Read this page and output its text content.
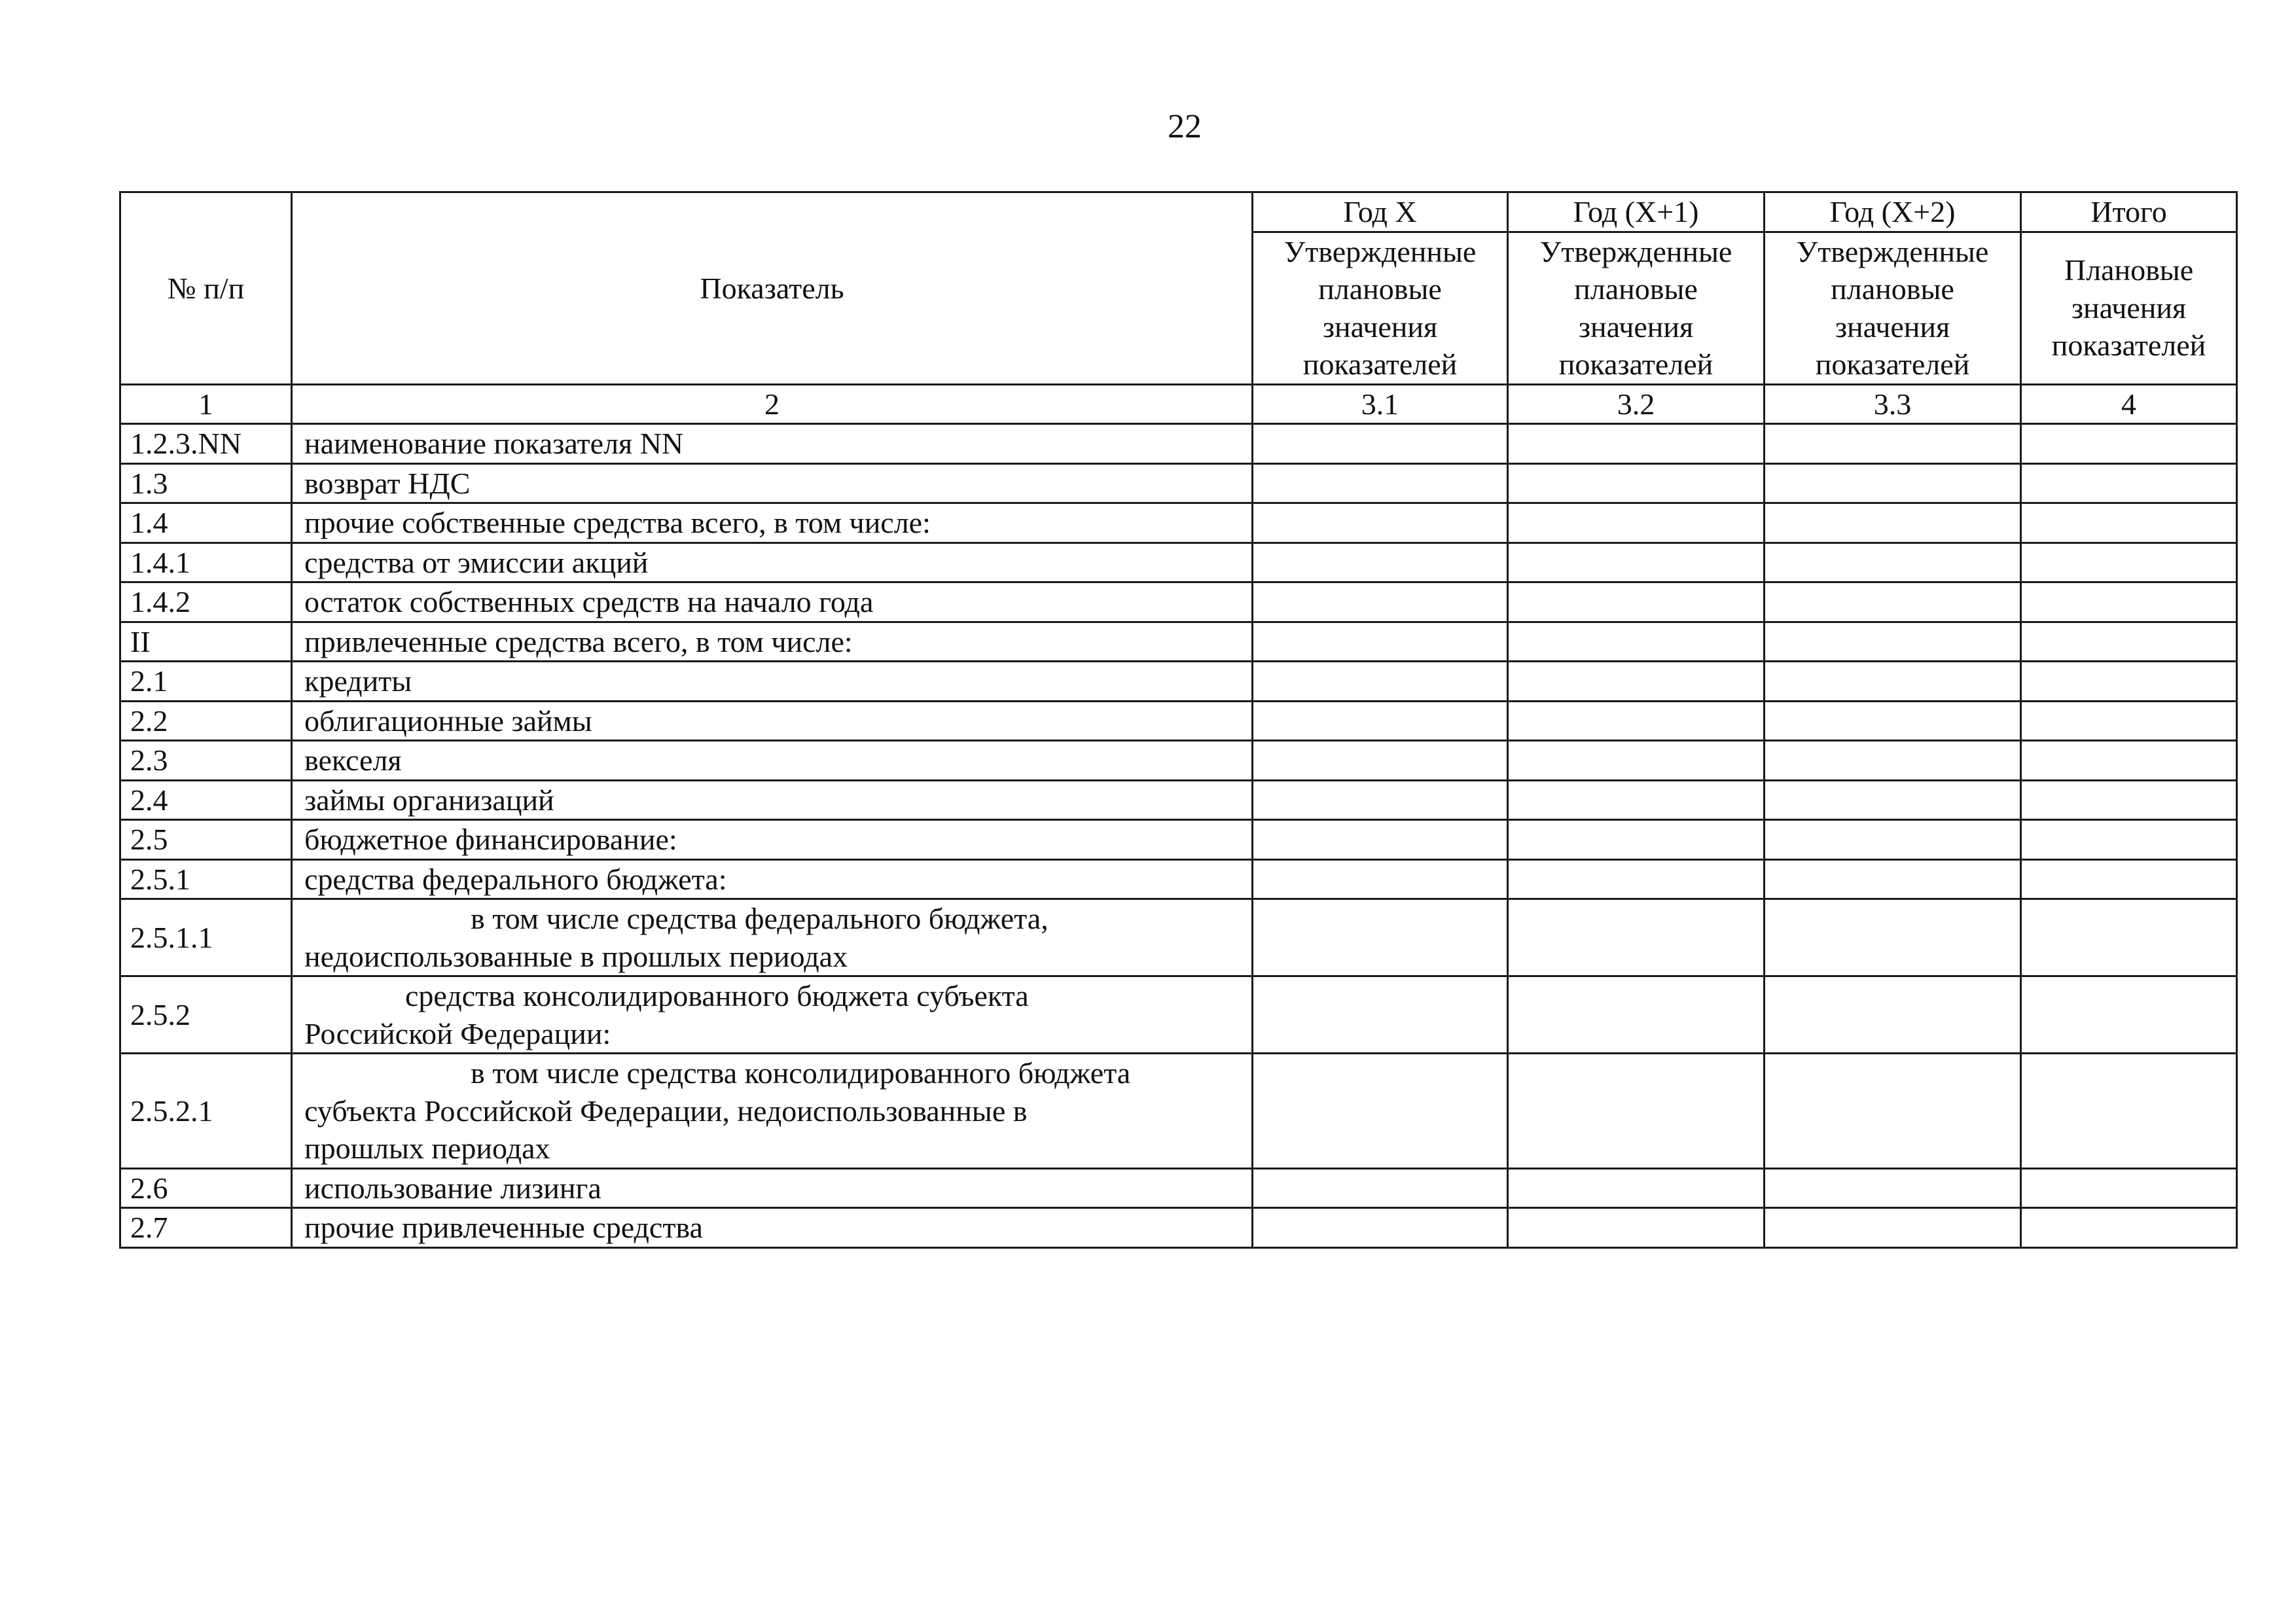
22
№ п/п	Показатель	Год X	Год (X+1)	Год (X+2)	Итого
		Утвержденные плановые значения показателей	Утвержденные плановые значения показателей	Утвержденные плановые значения показателей	Плановые значения показателей
1	2	3.1	3.2	3.3	4
1.2.3.NN	наименование показателя NN				
1.3	возврат НДС				
1.4	прочие собственные средства всего, в том числе:				
1.4.1	средства от эмиссии акций				
1.4.2	остаток собственных средств на начало года				
II	привлеченные средства всего, в том числе:				
2.1	кредиты				
2.2	облигационные займы				
2.3	векселя				
2.4	займы организаций				
2.5	бюджетное финансирование:				
2.5.1	средства федерального бюджета:				
2.5.1.1	в том числе средства федерального бюджета,
недоиспользованные в прошлых периодах				

2.5.2	средства консолидированного бюджета субъекта
Российской Федерации:				

2.5.2.1	в том числе средства консолидированного бюджета
субъекта Российской Федерации, недоиспользованные в
прошлых периодах				

2.6	использование лизинга				
2.7	прочие привлеченные средства				
